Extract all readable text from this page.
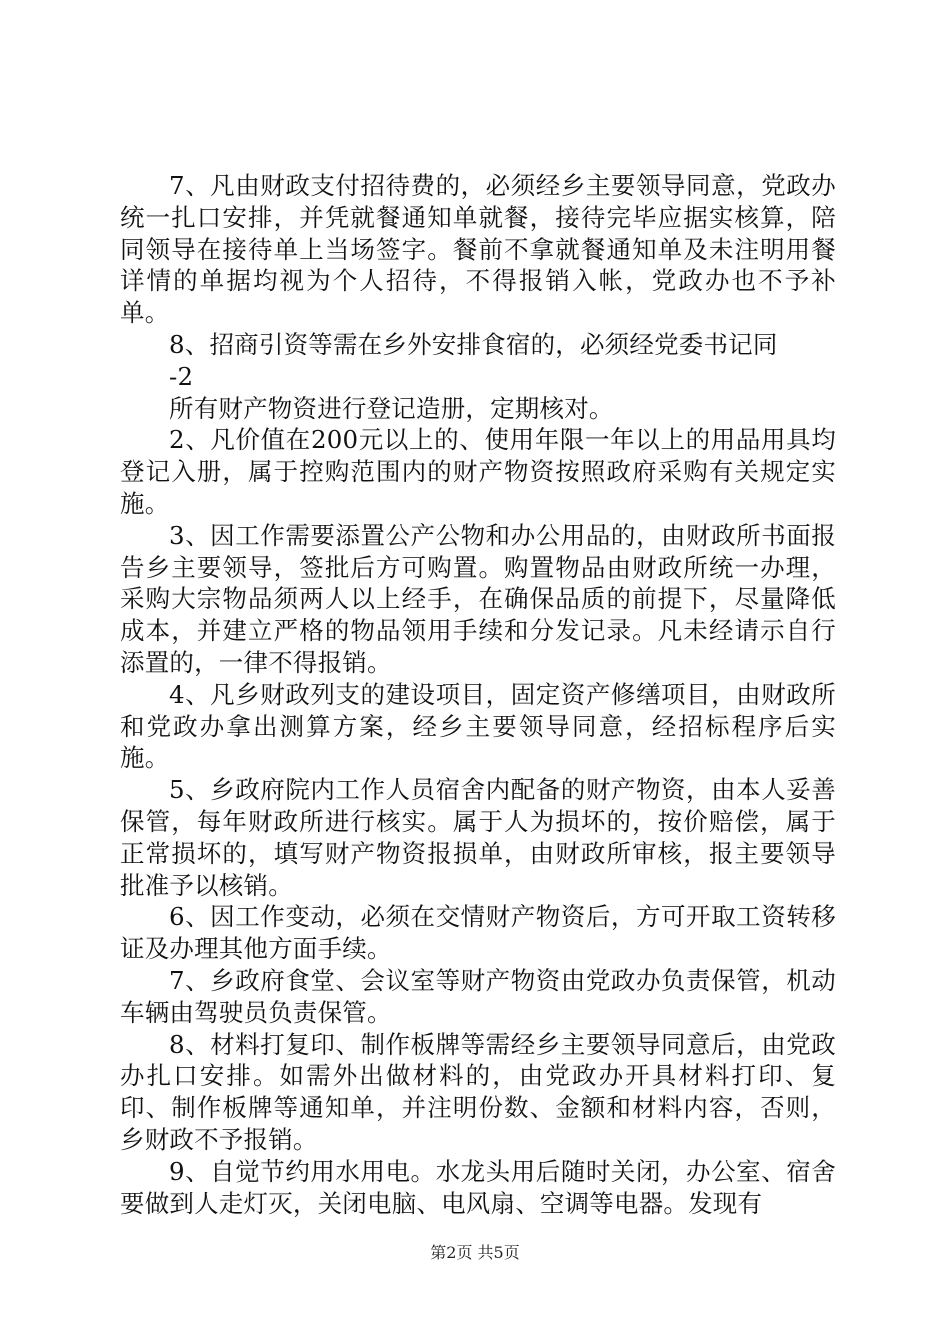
7、凡由财政支付招待费的，必须经乡主要领导同意，党政办统一扎口安排，并凭就餐通知单就餐，接待完毕应据实核算，陪同领导在接待单上当场签字。餐前不拿就餐通知单及未注明用餐详情的单据均视为个人招待，不得报销入帐，党政办也不予补单。

8、招商引资等需在乡外安排食宿的，必须经党委书记同

-2

所有财产物资进行登记造册，定期核对。

2、凡价值在200元以上的、使用年限一年以上的用品用具均登记入册，属于控购范围内的财产物资按照政府采购有关规定实施。

3、因工作需要添置公产公物和办公用品的，由财政所书面报告乡主要领导，签批后方可购置。购置物品由财政所统一办理，采购大宗物品须两人以上经手，在确保品质的前提下，尽量降低成本，并建立严格的物品领用手续和分发记录。凡未经请示自行添置的，一律不得报销。

4、凡乡财政列支的建设项目，固定资产修缮项目，由财政所和党政办拿出测算方案，经乡主要领导同意，经招标程序后实施。

5、乡政府院内工作人员宿舍内配备的财产物资，由本人妥善保管，每年财政所进行核实。属于人为损坏的，按价赔偿，属于正常损坏的，填写财产物资报损单，由财政所审核，报主要领导批准予以核销。

6、因工作变动，必须在交情财产物资后，方可开取工资转移证及办理其他方面手续。

7、乡政府食堂、会议室等财产物资由党政办负责保管，机动车辆由驾驶员负责保管。

8、材料打复印、制作板牌等需经乡主要领导同意后，由党政办扎口安排。如需外出做材料的，由党政办开具材料打印、复印、制作板牌等通知单，并注明份数、金额和材料内容，否则，乡财政不予报销。

9、自觉节约用水用电。水龙头用后随时关闭，办公室、宿舍要做到人走灯灭，关闭电脑、电风扇、空调等电器。发现有

第2页 共5页
